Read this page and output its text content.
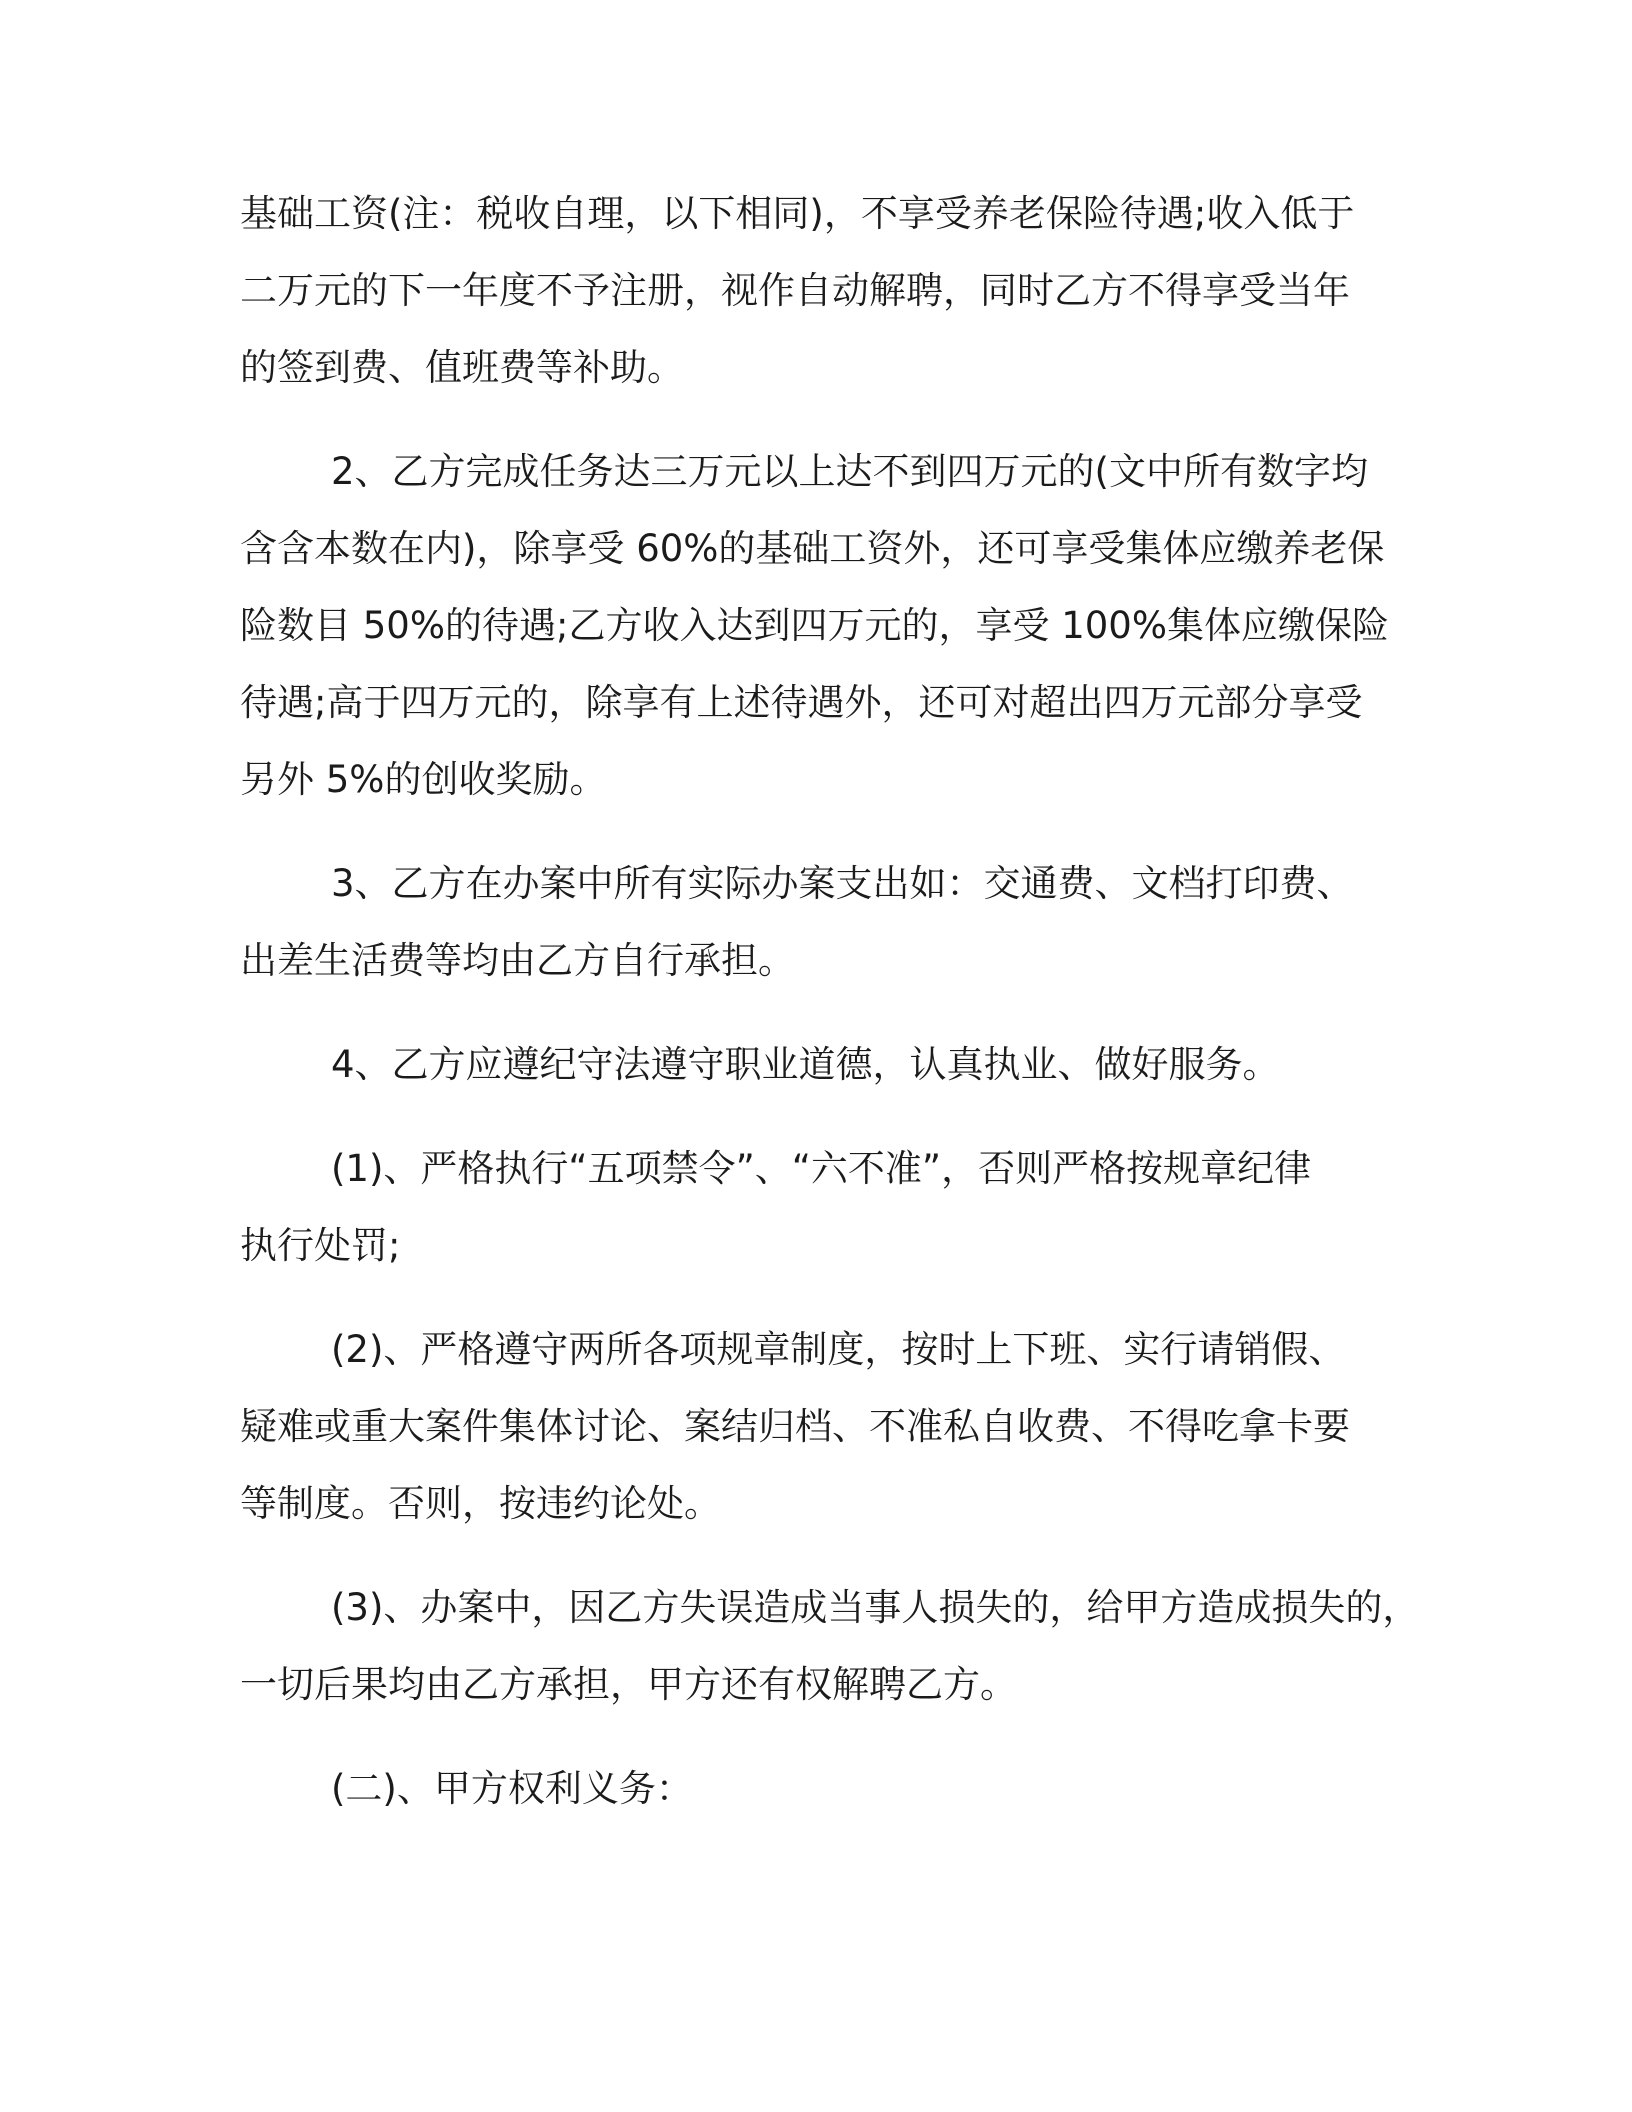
基础工资(注：税收自理，以下相同)，不享受养老保险待遇;收入低于
二万元的下一年度不予注册，视作自动解聘，同时乙方不得享受当年
的签到费、值班费等补助。

2、乙方完成任务达三万元以上达不到四万元的(文中所有数字均
含含本数在内)，除享受 60%的基础工资外，还可享受集体应缴养老保
险数目 50%的待遇;乙方收入达到四万元的，享受 100%集体应缴保险
待遇;高于四万元的，除享有上述待遇外，还可对超出四万元部分享受
另外 5%的创收奖励。

3、乙方在办案中所有实际办案支出如：交通费、文档打印费、
出差生活费等均由乙方自行承担。

4、乙方应遵纪守法遵守职业道德，认真执业、做好服务。

(1)、严格执行“五项禁令”、“六不准”，否则严格按规章纪律
执行处罚;

(2)、严格遵守两所各项规章制度，按时上下班、实行请销假、
疑难或重大案件集体讨论、案结归档、不准私自收费、不得吃拿卡要
等制度。否则，按违约论处。

(3)、办案中，因乙方失误造成当事人损失的，给甲方造成损失的，
一切后果均由乙方承担，甲方还有权解聘乙方。

(二)、甲方权利义务：
